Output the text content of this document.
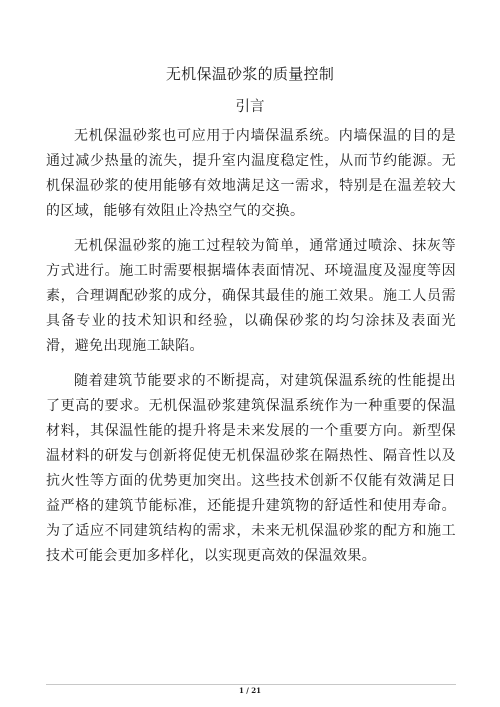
无机保温砂浆的质量控制
引言

无机保温砂浆也可应用于内墙保温系统。内墙保温的目的是通过减少热量的流失，提升室内温度稳定性，从而节约能源。无机保温砂浆的使用能够有效地满足这一需求，特别是在温差较大的区域，能够有效阻止冷热空气的交换。

无机保温砂浆的施工过程较为简单，通常通过喷涂、抹灰等方式进行。施工时需要根据墙体表面情况、环境温度及湿度等因素，合理调配砂浆的成分，确保其最佳的施工效果。施工人员需具备专业的技术知识和经验，以确保砂浆的均匀涂抹及表面光滑，避免出现施工缺陷。

随着建筑节能要求的不断提高，对建筑保温系统的性能提出了更高的要求。无机保温砂浆建筑保温系统作为一种重要的保温材料，其保温性能的提升将是未来发展的一个重要方向。新型保温材料的研发与创新将促使无机保温砂浆在隔热性、隔音性以及抗火性等方面的优势更加突出。这些技术创新不仅能有效满足日益严格的建筑节能标准，还能提升建筑物的舒适性和使用寿命。为了适应不同建筑结构的需求，未来无机保温砂浆的配方和施工技术可能会更加多样化，以实现更高效的保温效果。

1 / 21
